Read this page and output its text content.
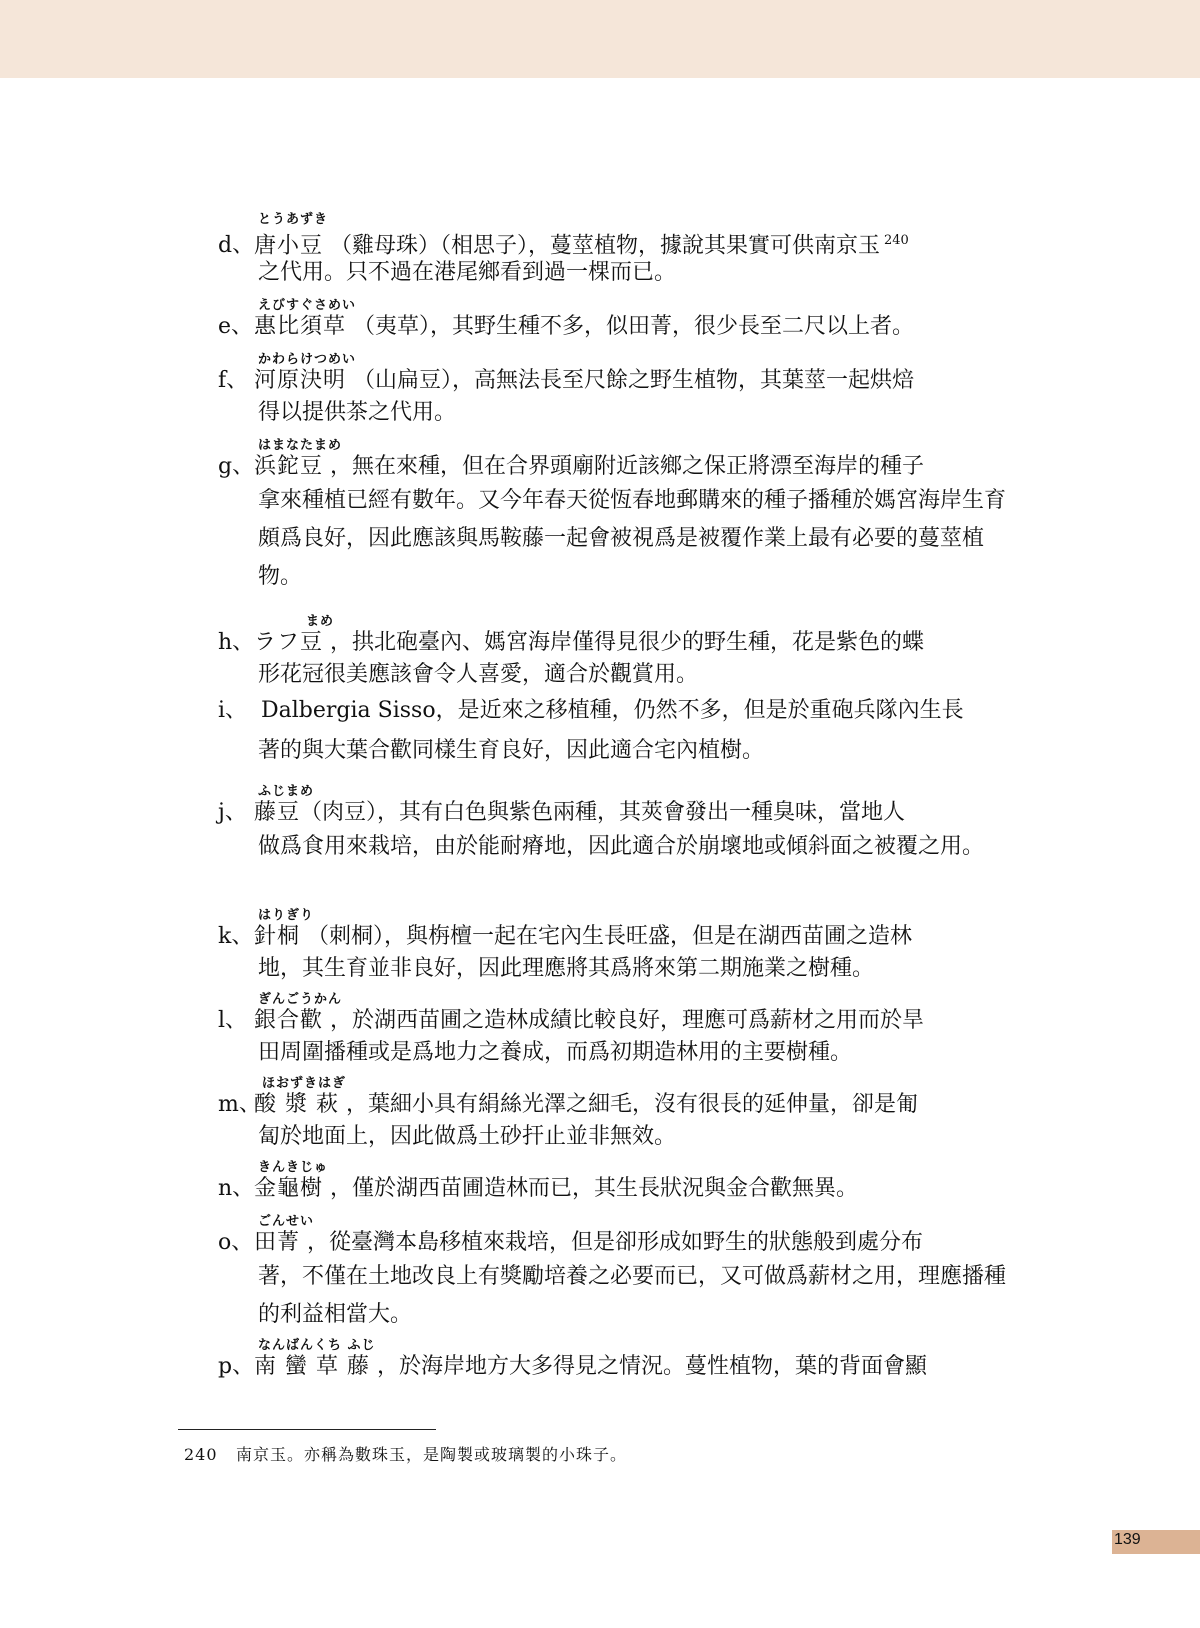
とうあずき
d、唐小豆 （雞母珠）（相思子），蔓莖植物，據說其果實可供南京玉 $^{240}$
之代用。只不過在港尾鄉看到過一棵而已。
えびすぐさめい
e、惠比須草 （夷草），其野生種不多，似田菁，很少長至二尺以上者。
かわらけつめい
f、 河原決明 （山扁豆），高無法長至尺餘之野生植物，其葉莖一起烘焙
得以提供茶之代用。
はまなたまめ
g、浜鉈豆 ，無在來種，但在合界頭廟附近該鄉之保正將漂至海岸的種子
拿來種植已經有數年。又今年春天從恆春地郵購來的種子播種於媽宮海岸生育頗爲良好，因此應該與馬鞍藤一起會被視爲是被覆作業上最有必要的蔓莖植物。
まめ
h、ラフ豆 ，拱北砲臺內、媽宮海岸僅得見很少的野生種，花是紫色的蝶
形花冠很美應該會令人喜愛，適合於觀賞用。
i、 Dalbergia Sisso，是近來之移植種，仍然不多，但是於重砲兵隊內生長
著的與大葉合歡同樣生育良好，因此適合宅內植樹。
ふじまめ
j、 藤豆（肉豆），其有白色與紫色兩種，其莢會發出一種臭味，當地人
做爲食用來栽培，由於能耐瘠地，因此適合於崩壞地或傾斜面之被覆之用。
はりぎり
k、針桐 （刺桐），與栴檀一起在宅內生長旺盛，但是在湖西苗圃之造林
地，其生育並非良好，因此理應將其爲將來第二期施業之樹種。
ぎんごうかん
l、 銀合歡 ，於湖西苗圃之造林成績比較良好，理應可爲薪材之用而於旱
田周圍播種或是爲地力之養成，而爲初期造林用的主要樹種。
ほおずきはぎ
m、酸 漿 萩 ，葉細小具有絹絲光澤之細毛，沒有很長的延伸量，卻是匍
匐於地面上，因此做爲土砂扞止並非無效。
きんきじゅ
n、金龜樹 ，僅於湖西苗圃造林而已，其生長狀況與金合歡無異。
ごんせい
o、田菁 ，從臺灣本島移植來栽培，但是卻形成如野生的狀態般到處分布
著，不僅在土地改良上有獎勵培養之必要而已，又可做爲薪材之用，理應播種的利益相當大。
なんばんくち ふじ
p、南 蠻 草 藤 ，於海岸地方大多得見之情況。蔓性植物，葉的背面會顯
240 南京玉。亦稱為數珠玉，是陶製或玻璃製的小珠子。
139
